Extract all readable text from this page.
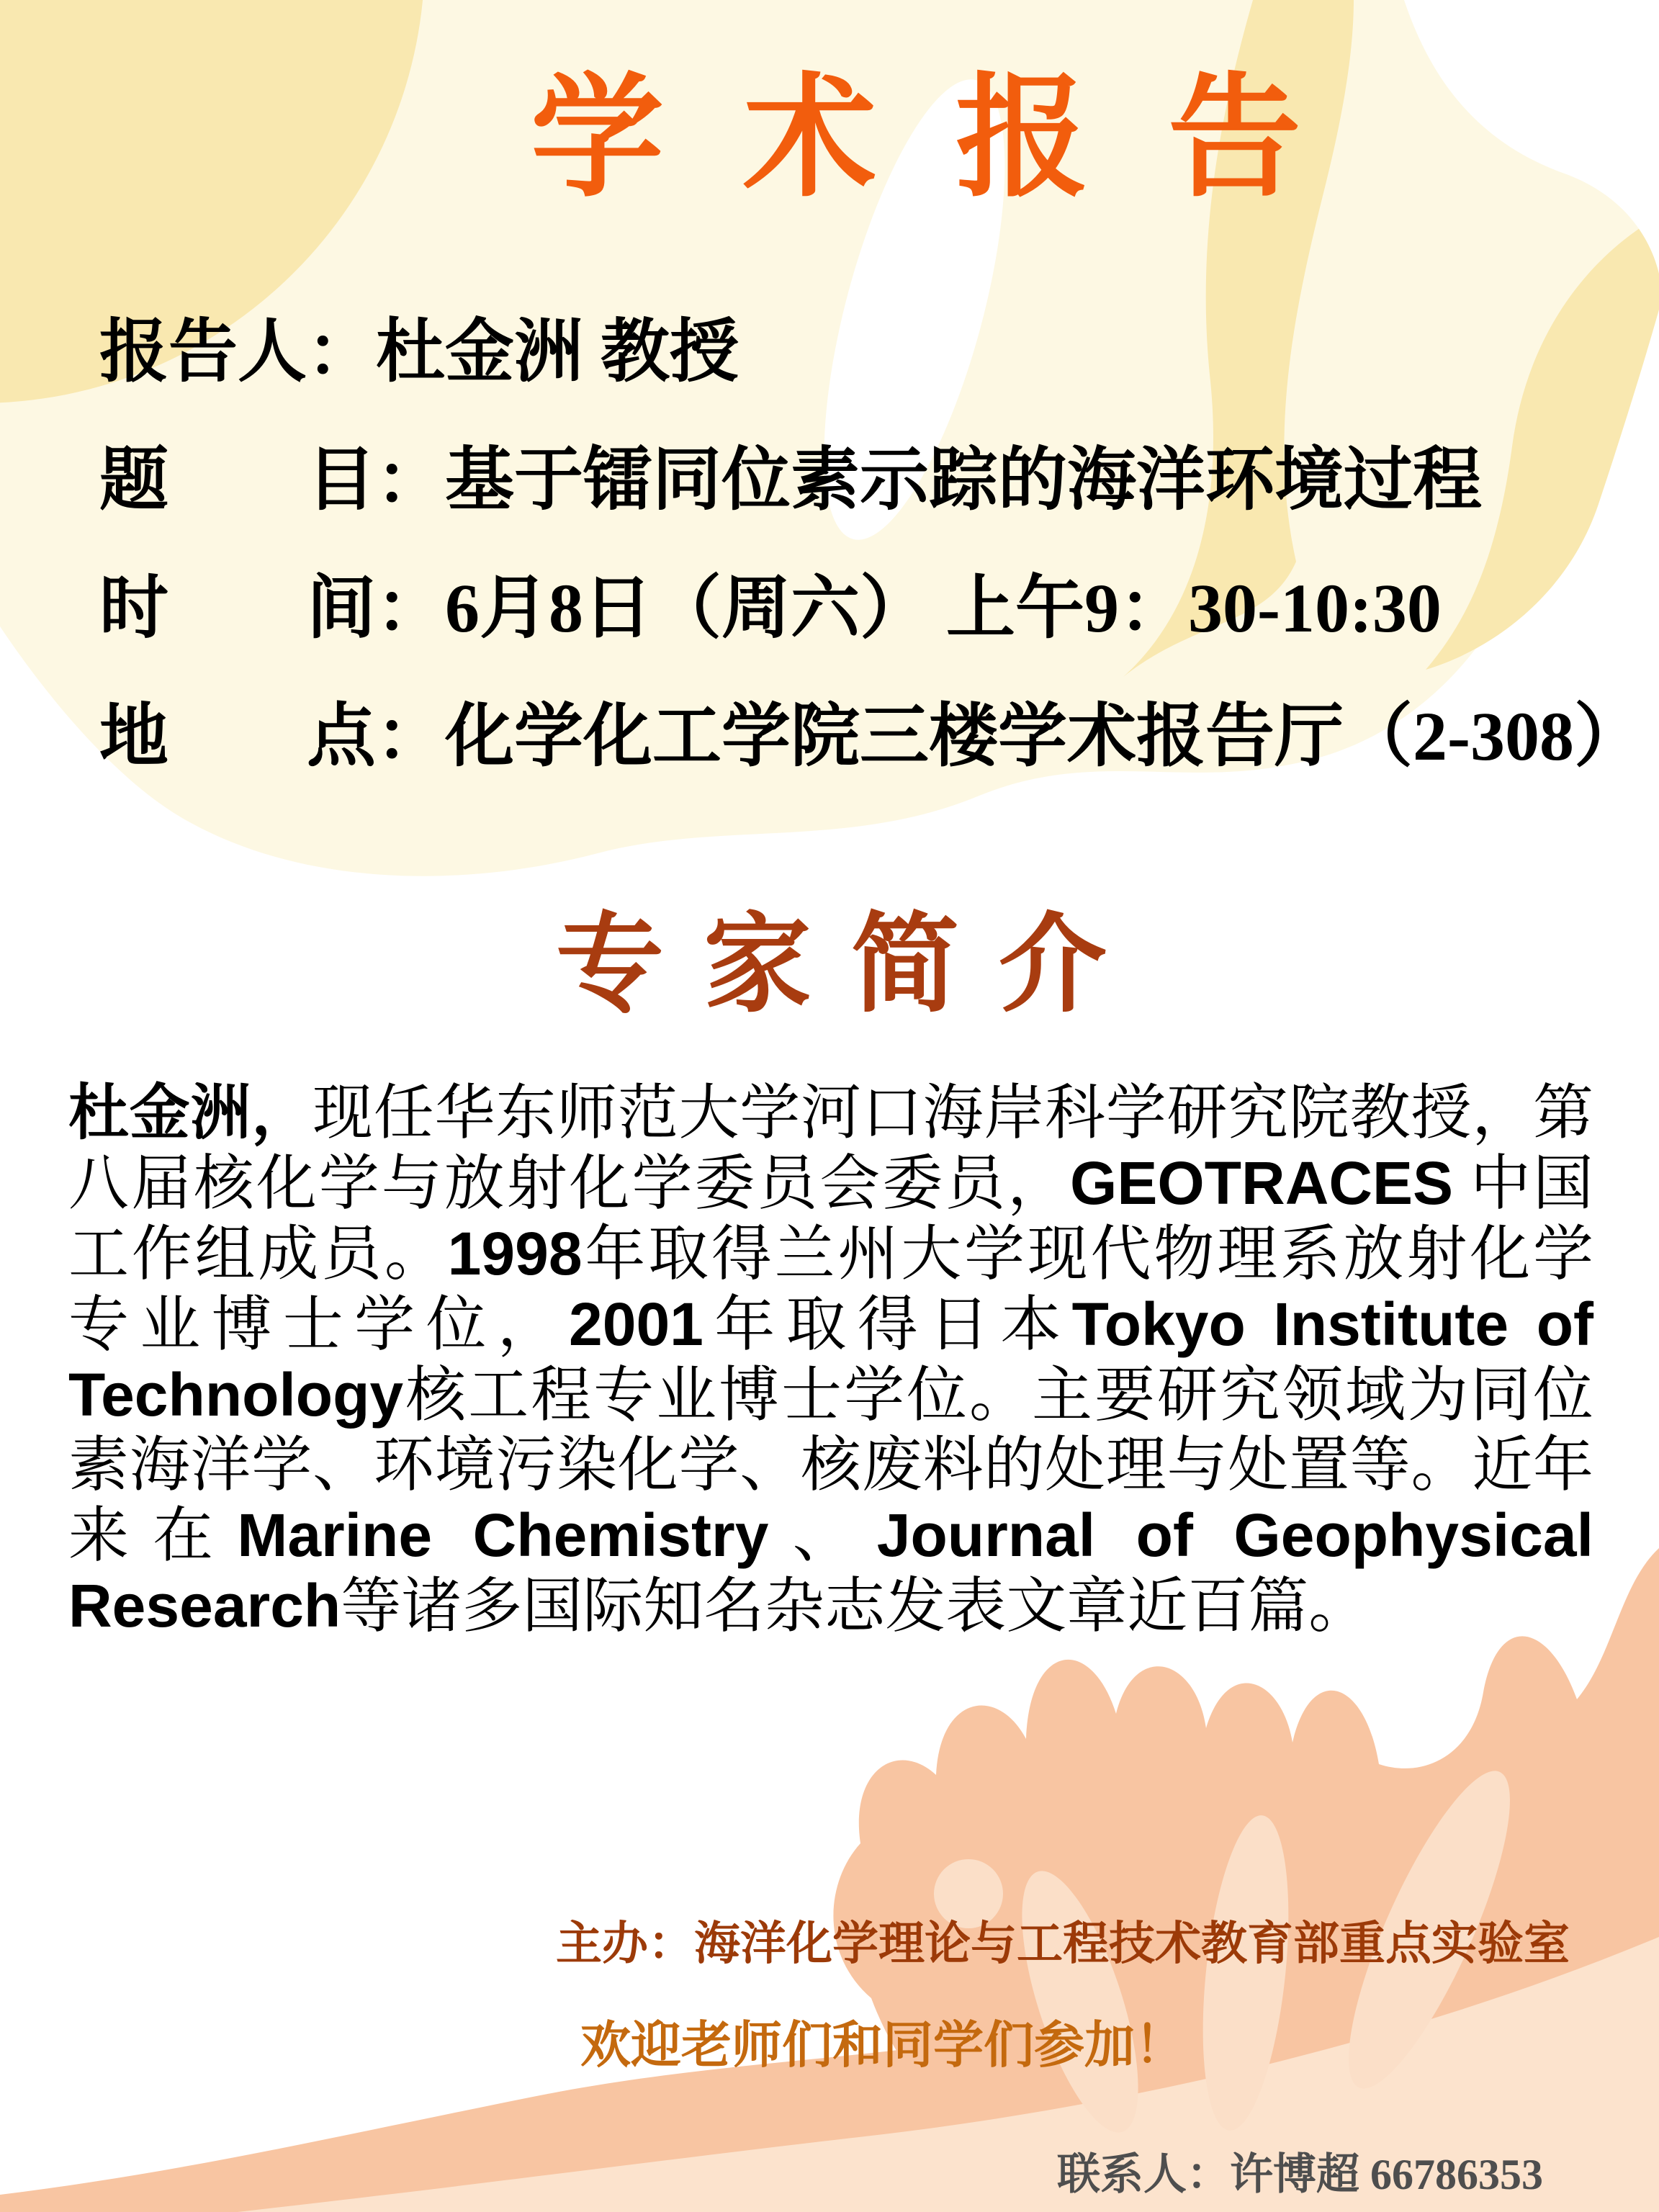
学术报告
报告人：杜金洲 教授
题　　目：基于镭同位素示踪的海洋环境过程
时　　间：6月8日（周六） 上午9：30-10:30
地　　点：化学化工学院三楼学术报告厅（2-308）
专家简介

杜金洲，现任华东师范大学河口海岸科学研究院教授，第八届核化学与放射化学委员会委员，GEOTRACES 中国工作组成员。1998年取得兰州大学现代物理系放射化学专业博士学位，2001年取得日本Tokyo Institute of Technology核工程专业博士学位。主要研究领域为同位素海洋学、环境污染化学、核废料的处理与处置等。近年来在Marine Chemistry、Journal of Geophysical Research等诸多国际知名杂志发表文章近百篇。

主办：海洋化学理论与工程技术教育部重点实验室
欢迎老师们和同学们参加！
联系人：许博超 66786353
